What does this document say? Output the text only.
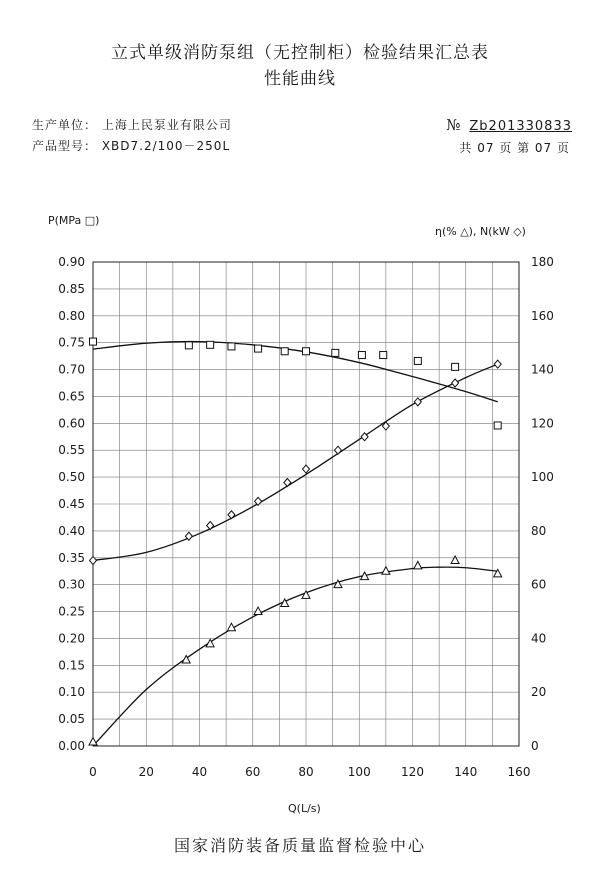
立式单级消防泵组（无控制柜）检验结果汇总表
性能曲线
生产单位： 上海上民泵业有限公司
产品型号： XBD7.2/100－250L
№ Zb201330833
共 07 页 第 07 页
0	20	40	60	80	100	120	140	160
0.00
0.05
0.10
0.15
0.20
0.25
0.30
0.35
0.40
0.45
0.50
0.55
0.60
0.65
0.70
0.75
0.80
0.85
0.90
0
20
40
60
80
100
120
140
160
180
P(MPa □)
η(% △), N(kW ◇)
Q(L/s)
国家消防装备质量监督检验中心
